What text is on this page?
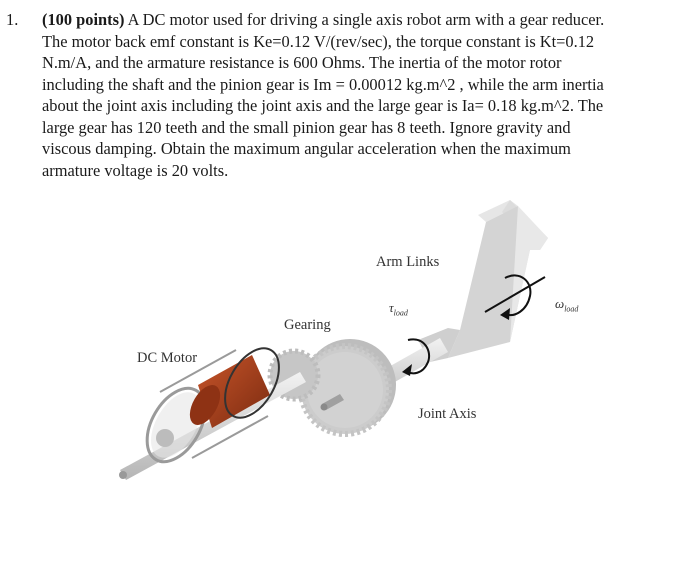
1. (100 points) A DC motor used for driving a single axis robot arm with a gear reducer.
The motor back emf constant is Ke=0.12 V/(rev/sec), the torque constant is Kt=0.12
N.m/A, and the armature resistance is 600 Ohms. The inertia of the motor rotor
including the shaft and the pinion gear is Im = 0.00012 kg.m^2 , while the arm inertia
about the joint axis including the joint axis and the large gear is Ia= 0.18 kg.m^2. The
large gear has 120 teeth and the small pinion gear has 8 teeth. Ignore gravity and
viscous damping. Obtain the maximum angular acceleration when the maximum
armature voltage is 20 volts.
Arm Links
Gearing
DC Motor
Joint Axis
$\tau_{load}$
$\omega_{load}$
